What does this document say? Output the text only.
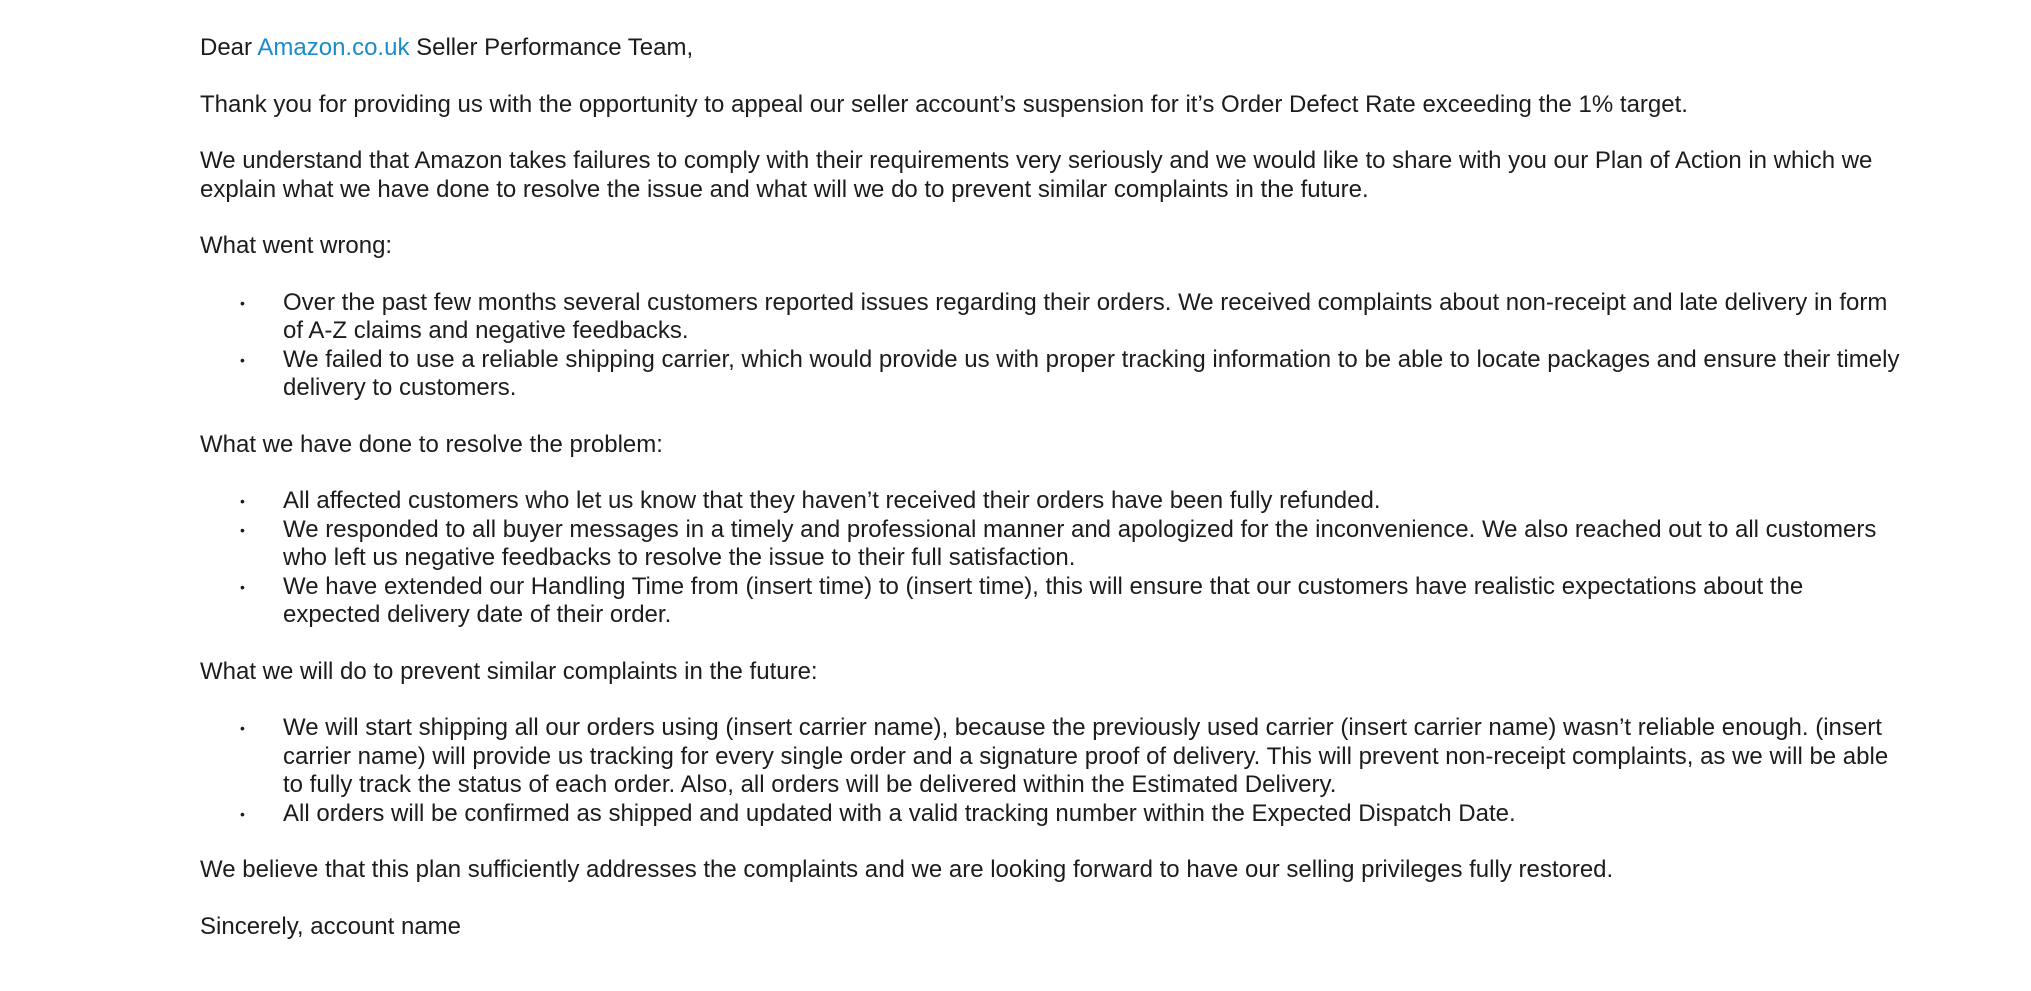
Dear Amazon.co.uk Seller Performance Team,

Thank you for providing us with the opportunity to appeal our seller account’s suspension for it’s Order Defect Rate exceeding the 1% target.

We understand that Amazon takes failures to comply with their requirements very seriously and we would like to share with you our Plan of Action in which we explain what we have done to resolve the issue and what will we do to prevent similar complaints in the future.

What went wrong:

• Over the past few months several customers reported issues regarding their orders. We received complaints about non-receipt and late delivery in form of A-Z claims and negative feedbacks.
• We failed to use a reliable shipping carrier, which would provide us with proper tracking information to be able to locate packages and ensure their timely delivery to customers.

What we have done to resolve the problem:

• All affected customers who let us know that they haven’t received their orders have been fully refunded.
• We responded to all buyer messages in a timely and professional manner and apologized for the inconvenience. We also reached out to all customers who left us negative feedbacks to resolve the issue to their full satisfaction.
• We have extended our Handling Time from (insert time) to (insert time), this will ensure that our customers have realistic expectations about the expected delivery date of their order.

What we will do to prevent similar complaints in the future:

• We will start shipping all our orders using (insert carrier name), because the previously used carrier (insert carrier name) wasn’t reliable enough. (insert carrier name) will provide us tracking for every single order and a signature proof of delivery. This will prevent non-receipt complaints, as we will be able to fully track the status of each order. Also, all orders will be delivered within the Estimated Delivery.
• All orders will be confirmed as shipped and updated with a valid tracking number within the Expected Dispatch Date.

We believe that this plan sufficiently addresses the complaints and we are looking forward to have our selling privileges fully restored.

Sincerely, account name
